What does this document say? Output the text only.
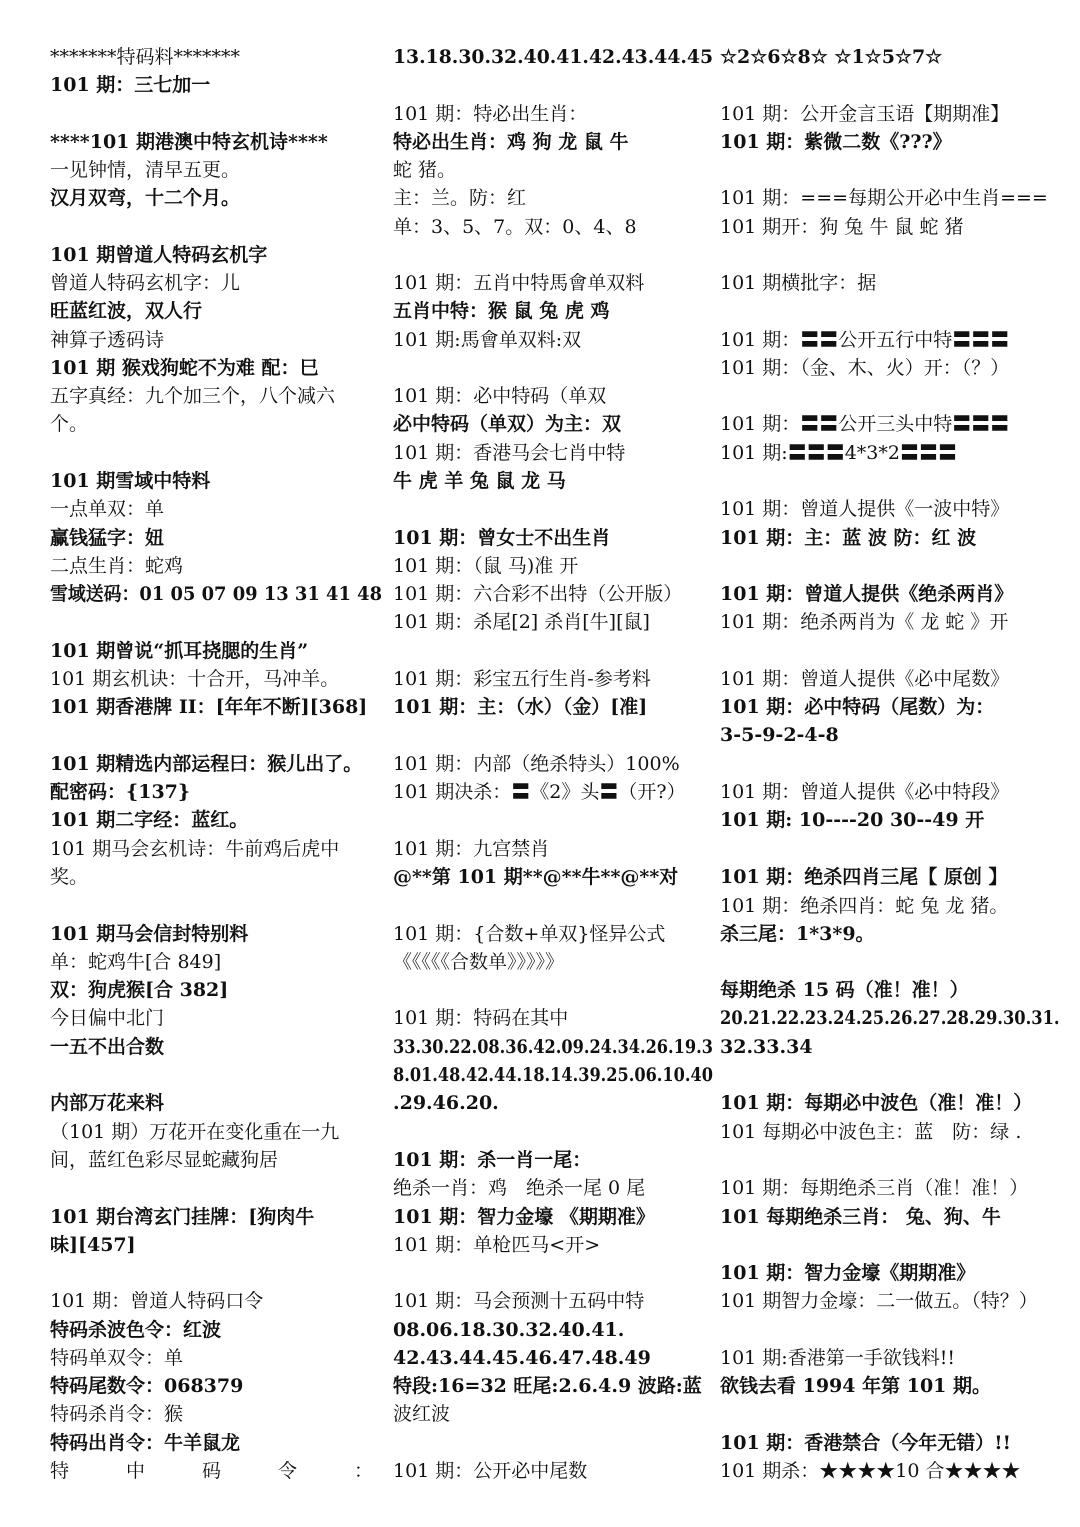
*******特码料*******
101 期：三七加一
****101 期港澳中特玄机诗****
一见钟情，清早五更。
汉月双弯，十二个月。
101 期曾道人特码玄机字
曾道人特码玄机字：儿
旺蓝红波，双人行
神算子透码诗
101 期 猴戏狗蛇不为难 配：巳
五字真经：九个加三个，八个减六
个。
101 期雪域中特料
一点单双：单
赢钱猛字：妞
二点生肖：蛇鸡
雪域送码：01 05 07 09 13 31 41 48
101 期曾说“抓耳挠腮的生肖”
101 期玄机诀：十合开，马冲羊。
101 期香港牌 II：[年年不断][368]
101 期精选内部运程曰：猴儿出了。
配密码：{137}
101 期二字经：蓝红。
101 期马会玄机诗：牛前鸡后虎中
奖。
101 期马会信封特别料
单：蛇鸡牛[合 849]
双：狗虎猴[合 382]
今日偏中北门
一五不出合数
内部万花来料
（101 期）万花开在变化重在一九
间，蓝红色彩尽显蛇藏狗居
101 期台湾玄门挂牌：[狗肉牛
味][457]
101 期：曾道人特码口令
特码杀波色令：红波
特码单双令：单
特码尾数令：068379
特码杀肖令：猴
特码出肖令：牛羊鼠龙
特　　　中　　　码　　　令　　　：
13.18.30.32.40.41.42.43.44.45
101 期：特必出生肖：
特必出生肖：鸡 狗 龙 鼠 牛
蛇 猪。
主：兰。防：红
单：3、5、7。双：0、4、8
101 期：五肖中特馬會单双料
五肖中特：猴 鼠 兔 虎 鸡
101 期:馬會单双料:双
101 期：必中特码（单双
必中特码（单双）为主：双
101 期：香港马会七肖中特
牛 虎 羊 兔 鼠 龙 马
101 期：曾女士不出生肖
101 期：（鼠 马)准 开
101 期：六合彩不出特（公开版）
101 期：杀尾[2] 杀肖[牛][鼠]
101 期：彩宝五行生肖-参考料
101 期：主：（水）（金）[准]
101 期：内部（绝杀特头）100%
101 期决杀：〓《2》头〓（开?）
101 期：九宫禁肖
@**第 101 期**@**牛**@**对
101 期：{合数+单双}怪异公式
《《《《《合数单》》》》》
101 期：特码在其中
33.30.22.08.36.42.09.24.34.26.19.3
8.01.48.42.44.18.14.39.25.06.10.40
.29.46.20.
101 期：杀一肖一尾：
绝杀一肖：鸡　绝杀一尾 0 尾
101 期：智力金壕 《期期准》
101 期：单枪匹马<开>
101 期：马会预测十五码中特
08.06.18.30.32.40.41.
42.43.44.45.46.47.48.49
特段:16=32 旺尾:2.6.4.9 波路:蓝
波红波
101 期：公开必中尾数
☆2☆6☆8☆ ☆1☆5☆7☆
101 期：公开金言玉语【期期准】
101 期：紫微二数《???》
101 期：===每期公开必中生肖===
101 期开：狗 兔 牛 鼠 蛇 猪
101 期横批字：据
101 期：〓〓公开五行中特〓〓〓
101 期：（金、木、火）开：（？）
101 期：〓〓公开三头中特〓〓〓
101 期:〓〓〓4*3*2〓〓〓
101 期：曾道人提供《一波中特》
101 期：主：蓝 波 防：红 波
101 期：曾道人提供《绝杀两肖》
101 期：绝杀两肖为《 龙 蛇 》开
101 期：曾道人提供《必中尾数》
101 期：必中特码（尾数）为：
3-5-9-2-4-8
101 期：曾道人提供《必中特段》
101 期: 10----20 30--49 开
101 期：绝杀四肖三尾【 原创 】
101 期：绝杀四肖：蛇 兔 龙 猪。
杀三尾：1*3*9。
每期绝杀 15 码（准！准！）
20.21.22.23.24.25.26.27.28.29.30.31.
32.33.34
101 期：每期必中波色（准！准！）
101 每期必中波色主：蓝　防：绿 .
101 期：每期绝杀三肖（准！准！）
101 每期绝杀三肖： 兔、狗、牛
101 期：智力金壕《期期准》
101 期智力金壕：二一做五。（特？）
101 期:香港第一手欲钱料!!
欲钱去看 1994 年第 101 期。
101 期：香港禁合（今年无错）!!
101 期杀：★★★★10 合★★★★
